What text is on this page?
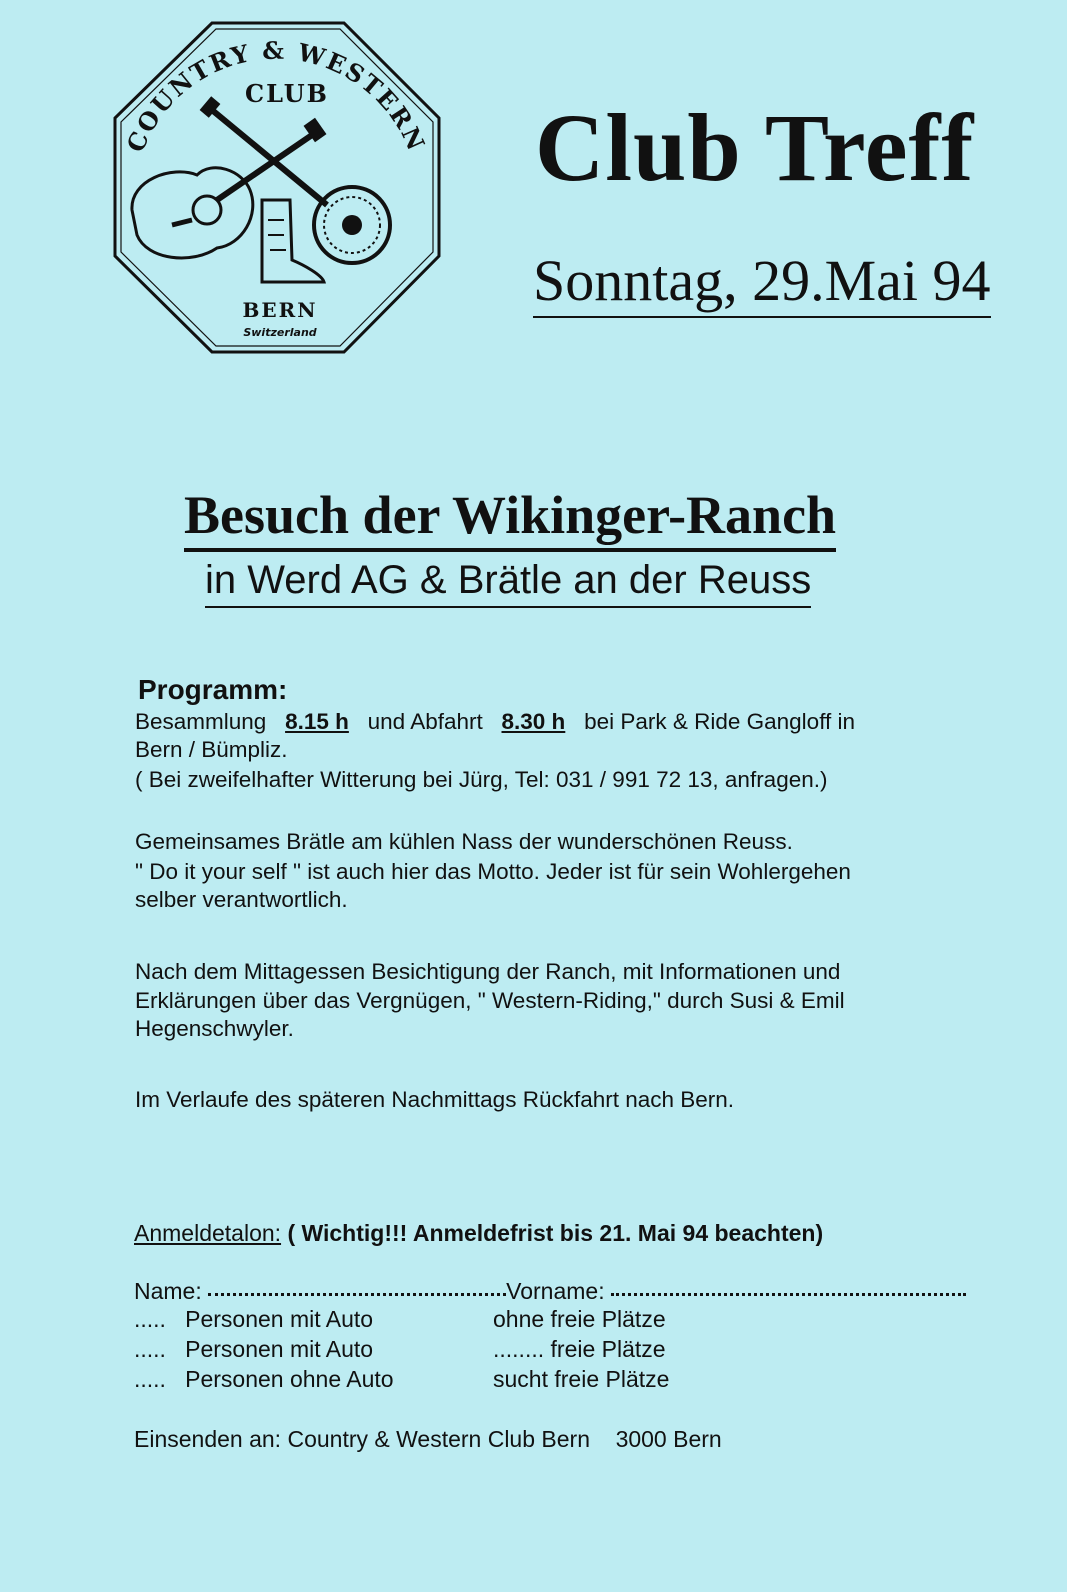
COUNTRY & WESTERN
CLUB
BERN
Switzerland
Club Treff
Sonntag, 29.Mai 94
Besuch der Wikinger-Ranch
in Werd AG & Brätle an der Reuss
Programm:
Besammlung 8.15 h und Abfahrt 8.30 h bei Park & Ride Gangloff in
Bern / Bümpliz.
( Bei zweifelhafter Witterung bei Jürg, Tel: 031 / 991 72 13, anfragen.)
Gemeinsames Brätle am kühlen Nass der wunderschönen Reuss.
" Do it your self " ist auch hier das Motto. Jeder ist für sein Wohlergehen
selber verantwortlich.
Nach dem Mittagessen Besichtigung der Ranch, mit Informationen und
Erklärungen über das Vergnügen, " Western-Riding," durch Susi & Emil
Hegenschwyler.
Im Verlaufe des späteren Nachmittags Rückfahrt nach Bern.
Anmeldetalon: ( Wichtig!!! Anmeldefrist bis 21. Mai 94 beachten)
Name:	Vorname:
..... Personen mit Auto	ohne freie Plätze
..... Personen mit Auto	........ freie Plätze
..... Personen ohne Auto	sucht freie Plätze
Einsenden an: Country & Western Club Bern 3000 Bern
